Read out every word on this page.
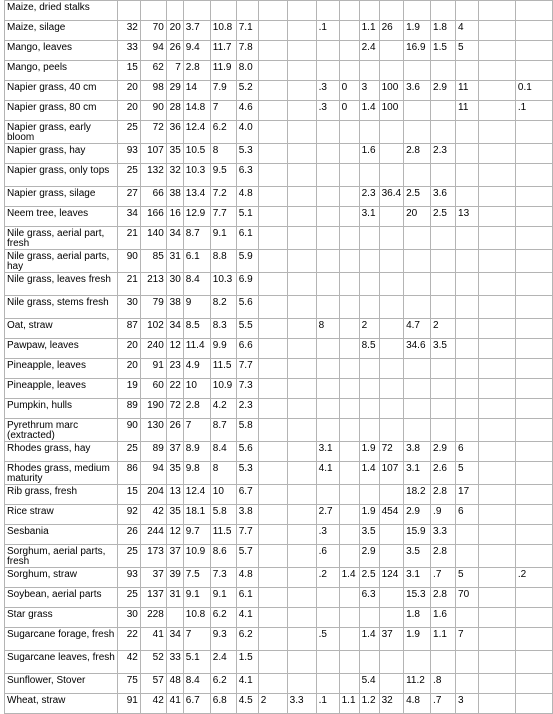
Maize, dried stalks																	
Maize, silage	32	70	20	3.7	10.8	7.1			.1		1.1	26	1.9	1.8	4		
Mango, leaves	33	94	26	9.4	11.7	7.8					2.4		16.9	1.5	5		
Mango, peels	15	62	7	2.8	11.9	8.0											
Napier grass, 40 cm	20	98	29	14	7.9	5.2			.3	0	3	100	3.6	2.9	11		0.1
Napier grass, 80 cm	20	90	28	14.8	7	4.6			.3	0	1.4	100			11		.1
Napier grass, early bloom	25	72	36	12.4	6.2	4.0											
Napier grass, hay	93	107	35	10.5	8	5.3					1.6		2.8	2.3			
Napier grass, only tops	25	132	32	10.3	9.5	6.3											
Napier grass, silage	27	66	38	13.4	7.2	4.8					2.3	36.4	2.5	3.6			
Neem tree, leaves	34	166	16	12.9	7.7	5.1					3.1		20	2.5	13		
Nile grass, aerial part, fresh	21	140	34	8.7	9.1	6.1											
Nile grass, aerial parts, hay	90	85	31	6.1	8.8	5.9											
Nile grass, leaves fresh	21	213	30	8.4	10.3	6.9											
Nile grass, stems fresh	30	79	38	9	8.2	5.6											
Oat, straw	87	102	34	8.5	8.3	5.5			8		2		4.7	2			
Pawpaw, leaves	20	240	12	11.4	9.9	6.6					8.5		34.6	3.5			
Pineapple, leaves	20	91	23	4.9	11.5	7.7											
Pineapple, leaves	19	60	22	10	10.9	7.3											
Pumpkin, hulls	89	190	72	2.8	4.2	2.3											
Pyrethrum marc (extracted)	90	130	26	7	8.7	5.8											
Rhodes grass, hay	25	89	37	8.9	8.4	5.6			3.1		1.9	72	3.8	2.9	6		
Rhodes grass, medium maturity	86	94	35	9.8	8	5.3			4.1		1.4	107	3.1	2.6	5		
Rib grass, fresh	15	204	13	12.4	10	6.7							18.2	2.8	17		
Rice straw	92	42	35	18.1	5.8	3.8			2.7		1.9	454	2.9	.9	6		
Sesbania	26	244	12	9.7	11.5	7.7			.3		3.5		15.9	3.3			
Sorghum, aerial parts, fresh	25	173	37	10.9	8.6	5.7			.6		2.9		3.5	2.8			
Sorghum, straw	93	37	39	7.5	7.3	4.8			.2	1.4	2.5	124	3.1	.7	5		.2
Soybean, aerial parts	25	137	31	9.1	9.1	6.1					6.3		15.3	2.8	70		
Star grass	30	228		10.8	6.2	4.1							1.8	1.6			
Sugarcane forage, fresh	22	41	34	7	9.3	6.2			.5		1.4	37	1.9	1.1	7		
Sugarcane leaves, fresh	42	52	33	5.1	2.4	1.5											
Sunflower, Stover	75	57	48	8.4	6.2	4.1					5.4		11.2	.8			
Wheat, straw	91	42	41	6.7	6.8	4.5	2	3.3	.1	1.1	1.2	32	4.8	.7	3		
